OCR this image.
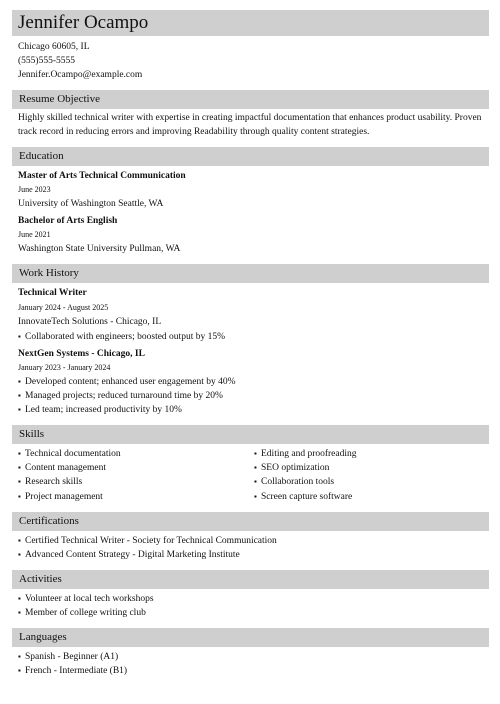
Jennifer Ocampo
Chicago 60605, IL
(555)555-5555
Jennifer.Ocampo@example.com
Resume Objective
Highly skilled technical writer with expertise in creating impactful documentation that enhances product usability. Proven track record in reducing errors and improving Readability through quality content strategies.
Education
Master of Arts Technical Communication
June 2023
University of Washington Seattle, WA
Bachelor of Arts English
June 2021
Washington State University Pullman, WA
Work History
Technical Writer
January 2024 - August 2025
InnovateTech Solutions - Chicago, IL
▪ Collaborated with engineers; boosted output by 15%
NextGen Systems - Chicago, IL
January 2023 - January 2024
▪ Developed content; enhanced user engagement by 40%
▪ Managed projects; reduced turnaround time by 20%
▪ Led team; increased productivity by 10%
Skills
▪ Technical documentation
▪ Content management
▪ Research skills
▪ Project management
▪ Editing and proofreading
▪ SEO optimization
▪ Collaboration tools
▪ Screen capture software
Certifications
▪ Certified Technical Writer - Society for Technical Communication
▪ Advanced Content Strategy - Digital Marketing Institute
Activities
▪ Volunteer at local tech workshops
▪ Member of college writing club
Languages
▪ Spanish - Beginner (A1)
▪ French - Intermediate (B1)
